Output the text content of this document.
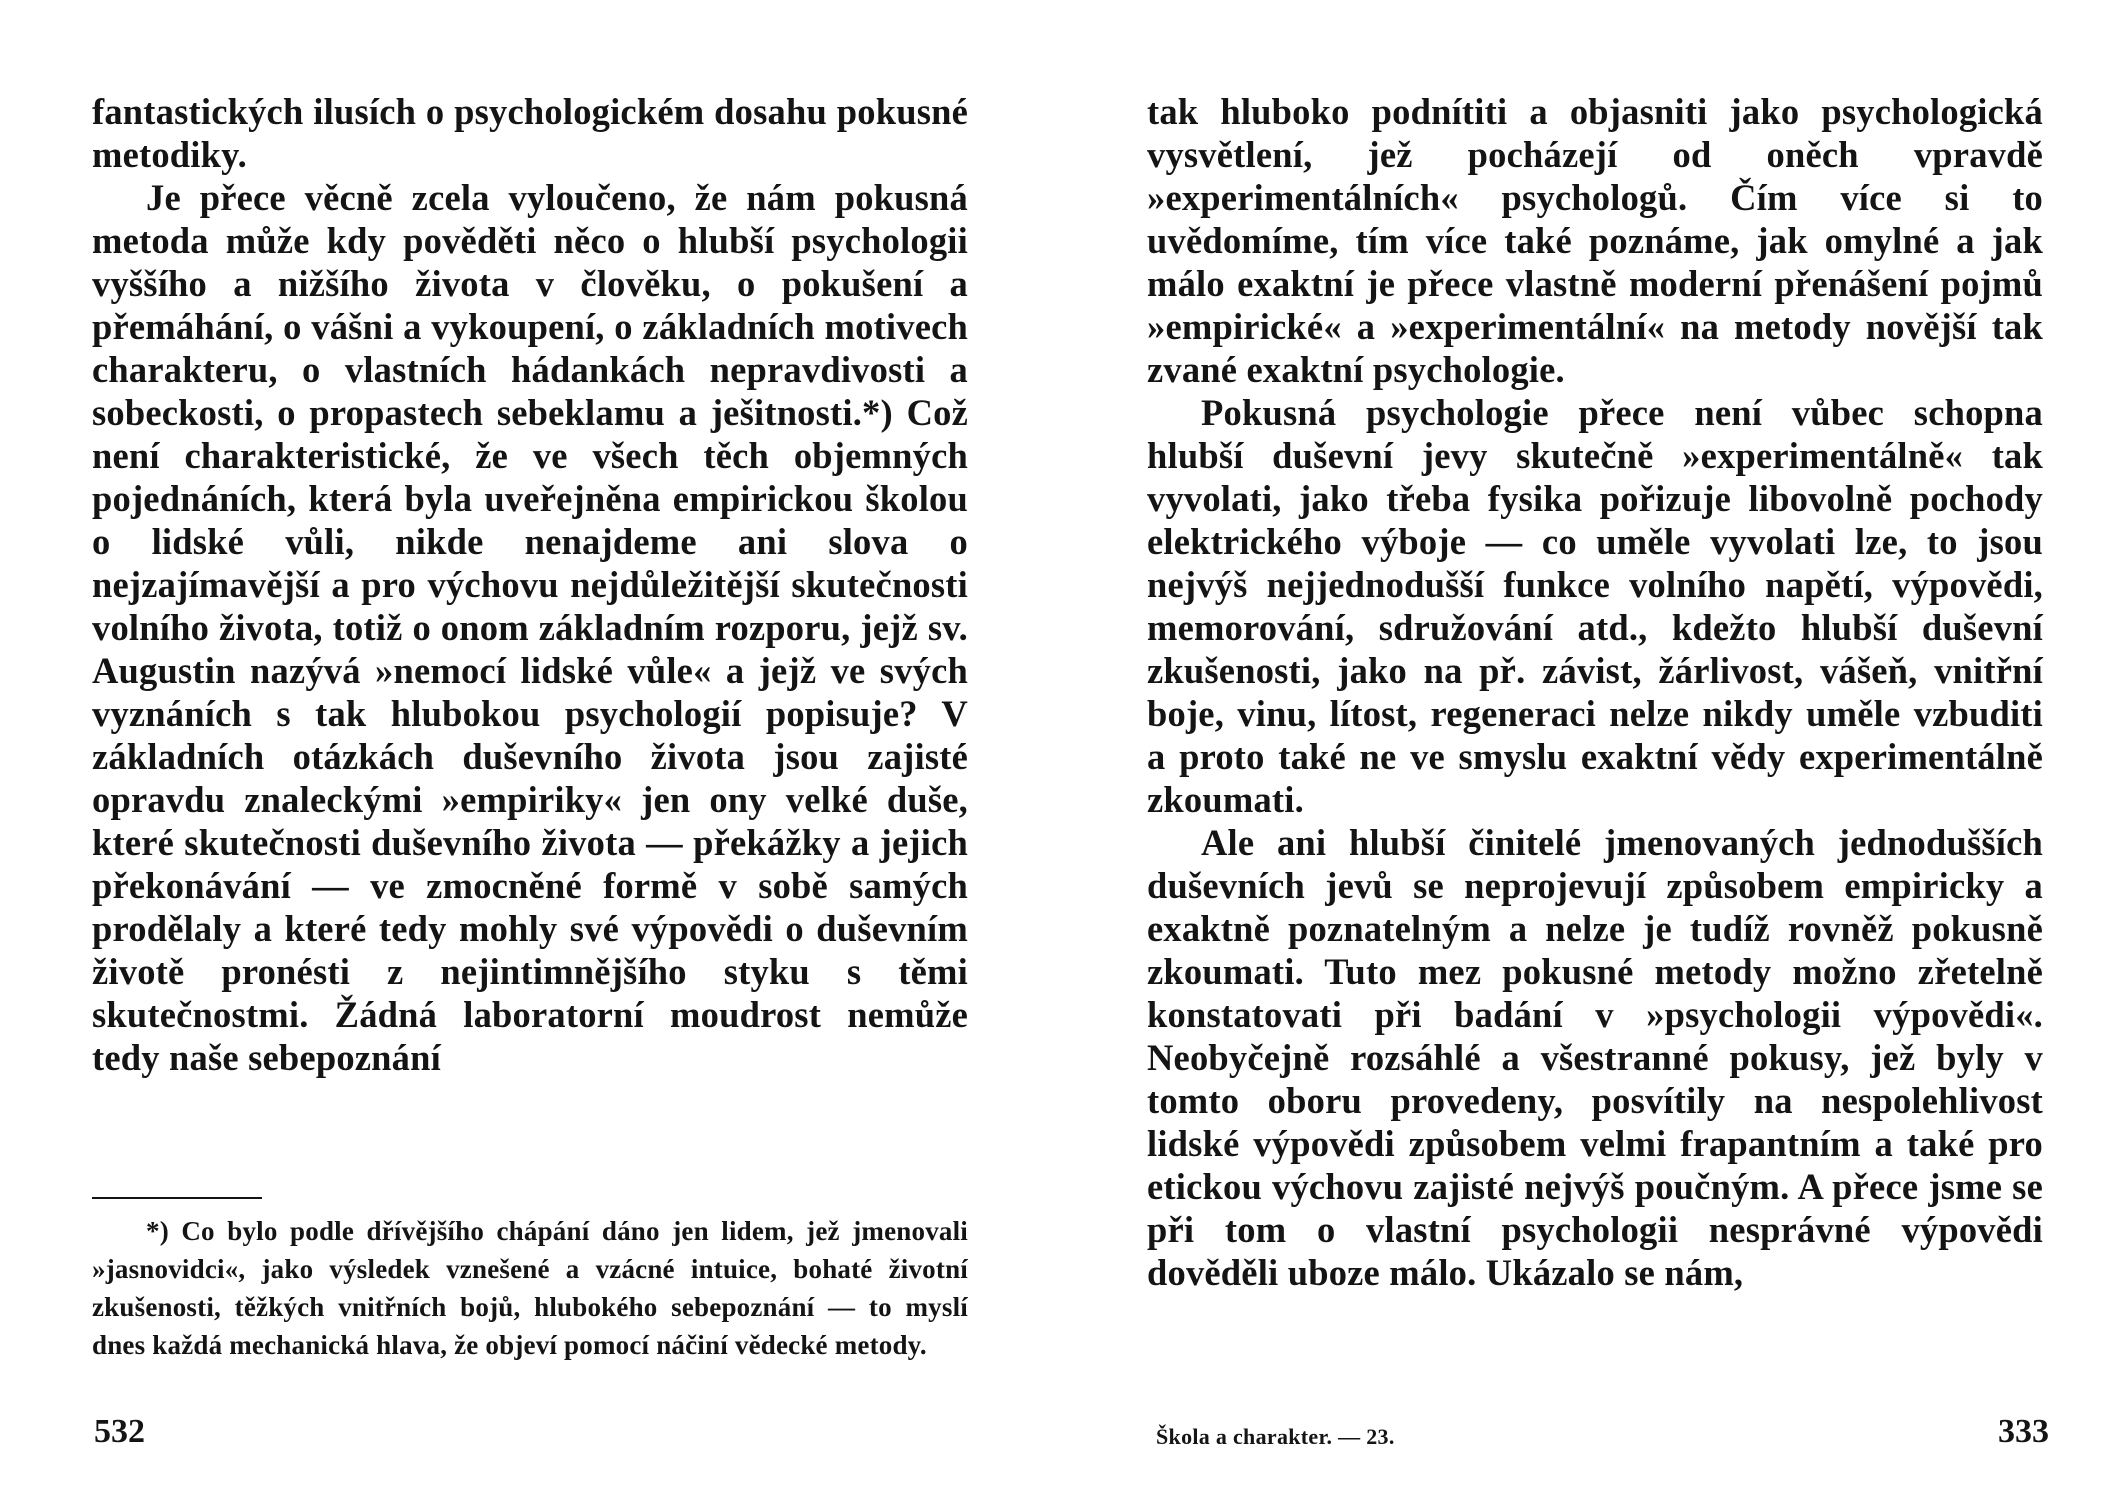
fantastických ilusích o psychologickém dosahu pokusné metodiky.

Je přece věcně zcela vyloučeno, že nám pokusná metoda může kdy pověděti něco o hlubší psychologii vyššího a nižšího života v člověku, o pokušení a přemáhání, o vášni a vykoupení, o základních motivech charakteru, o vlastních hádankách nepravdivosti a sobeckosti, o propastech sebeklamu a ješitnosti.*) Což není charakteristické, že ve všech těch objemných pojednáních, která byla uveřejněna empirickou školou o lidské vůli, nikde nenajdeme ani slova o nejzajímavější a pro výchovu nejdůležitější skutečnosti volního života, totiž o onom základním rozporu, jejž sv. Augustin nazývá »nemocí lidské vůle« a jejž ve svých vyznáních s tak hlubokou psychologií popisuje? V základních otázkách duševního života jsou zajisté opravdu znaleckými »empiriky« jen ony velké duše, které skutečnosti duševního života — překážky a jejich překonávání — ve zmocněné formě v sobě samých prodělaly a které tedy mohly své výpovědi o duševním životě pronésti z nejintimnějšího styku s těmi skutečnostmi. Žádná laboratorní moudrost nemůže tedy naše sebepoznání

*) Co bylo podle dřívějšího chápání dáno jen lidem, jež jmenovali »jasnovidci«, jako výsledek vznešené a vzácné intuice, bohaté životní zkušenosti, těžkých vnitřních bojů, hlubokého sebepoznání — to myslí dnes každá mechanická hlava, že objeví pomocí náčiní vědecké metody.

532

tak hluboko podnítiti a objasniti jako psychologická vysvětlení, jež pocházejí od oněch vpravdě »experimentálních« psychologů. Čím více si to uvědomíme, tím více také poznáme, jak omylné a jak málo exaktní je přece vlastně moderní přenášení pojmů »empirické« a »experimentální« na metody novější tak zvané exaktní psychologie.

Pokusná psychologie přece není vůbec schopna hlubší duševní jevy skutečně »experimentálně« tak vyvolati, jako třeba fysika pořizuje libovolně pochody elektrického výboje — co uměle vyvolati lze, to jsou nejvýš nejjednodušší funkce volního napětí, výpovědi, memorování, sdružování atd., kdežto hlubší duševní zkušenosti, jako na př. závist, žárlivost, vášeň, vnitřní boje, vinu, lítost, regeneraci nelze nikdy uměle vzbuditi a proto také ne ve smyslu exaktní vědy experimentálně zkoumati.

Ale ani hlubší činitelé jmenovaných jednodušších duševních jevů se neprojevují způsobem empiricky a exaktně poznatelným a nelze je tudíž rovněž pokusně zkoumati. Tuto mez pokusné metody možno zřetelně konstatovati při badání v »psychologii výpovědi«. Neobyčejně rozsáhlé a všestranné pokusy, jež byly v tomto oboru provedeny, posvítily na nespolehlivost lidské výpovědi způsobem velmi frapantním a také pro etickou výchovu zajisté nejvýš poučným. A přece jsme se při tom o vlastní psychologii nesprávné výpovědi dověděli uboze málo. Ukázalo se nám,

Škola a charakter. — 23.	333
